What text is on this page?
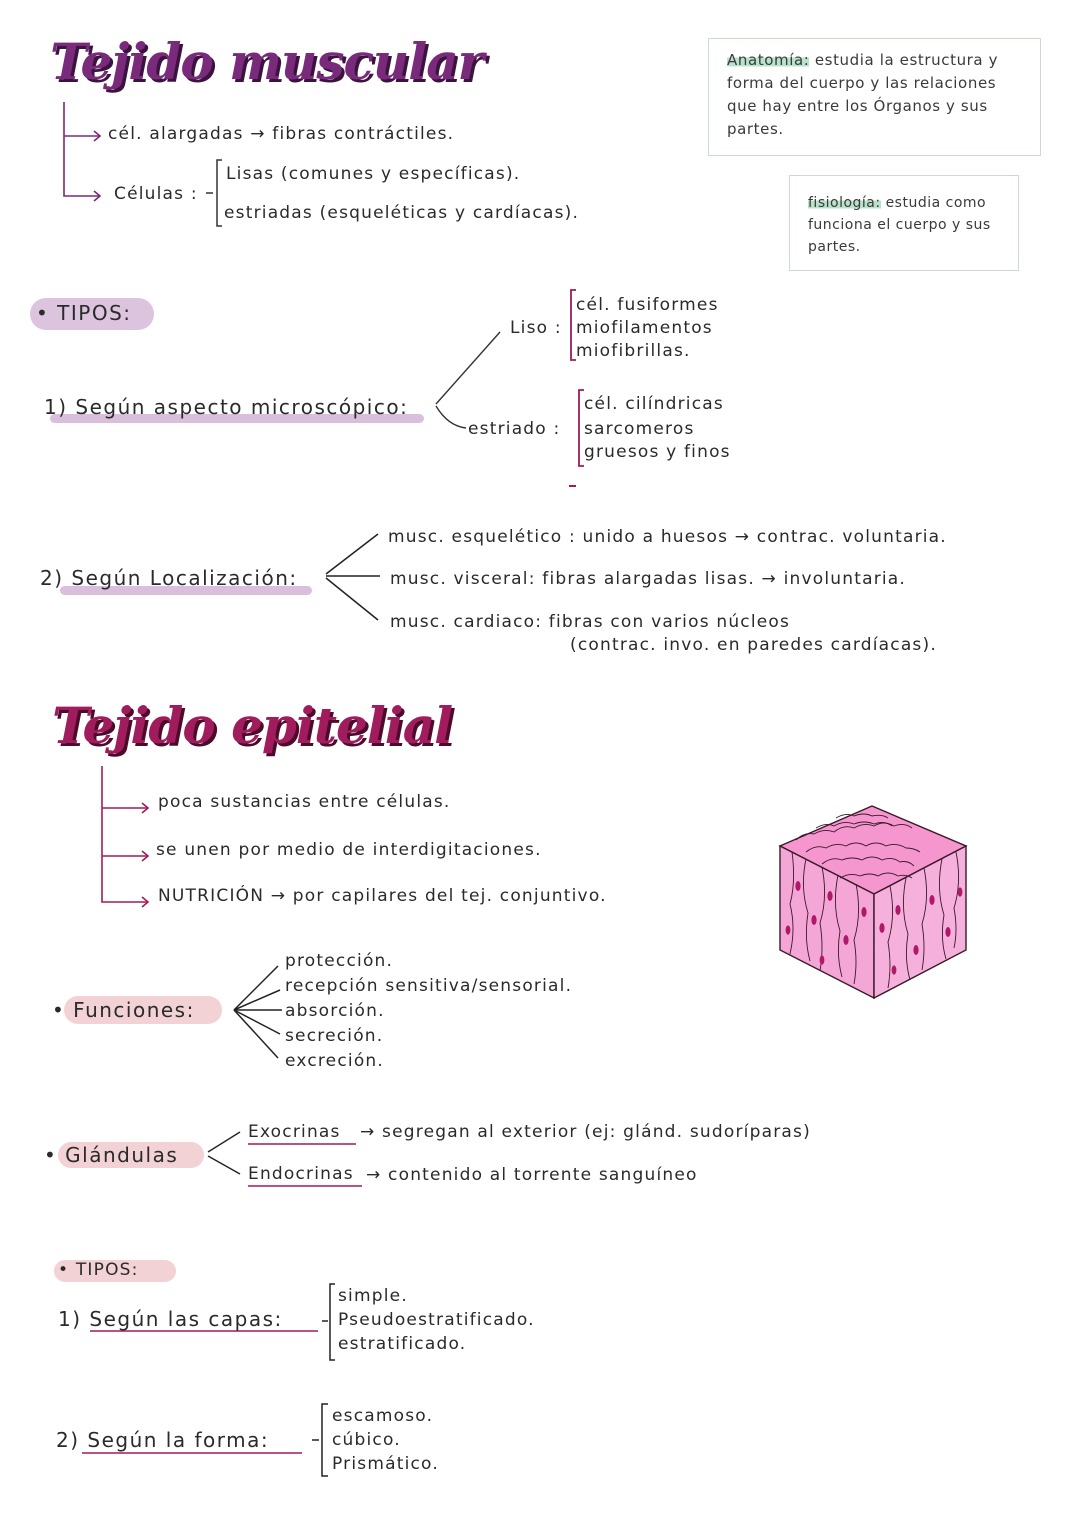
Tejido muscular
Tejido epitelial
Anatomía: estudia la estructura y forma del cuerpo y las relaciones que hay entre los Órganos y sus partes.
fisiología: estudia como funciona el cuerpo y sus partes.
cél. alargadas → fibras contráctiles.
Células :
Lisas (comunes y específicas).
estriadas (esqueléticas y cardíacas).
• TIPOS:
1) Según aspecto microscópico:
Liso :
cél. fusiformes
miofilamentos
miofibrillas.
estriado :
cél. cilíndricas
sarcomeros
gruesos y finos
2) Según Localización:
musc. esquelético : unido a huesos → contrac. voluntaria.
musc. visceral: fibras alargadas lisas. → involuntaria.
musc. cardiaco: fibras con varios núcleos
(contrac. invo. en paredes cardíacas).
poca sustancias entre células.
se unen por medio de interdigitaciones.
NUTRICIÓN → por capilares del tej. conjuntivo.
• Funciones:
protección.
recepción sensitiva/sensorial.
absorción.
secreción.
excreción.
• Glándulas
Exocrinas → segregan al exterior (ej: glánd. sudoríparas)
Endocrinas → contenido al torrente sanguíneo
• TIPOS:
1) Según las capas:
simple.
Pseudoestratificado.
estratificado.
2) Según la forma:
escamoso.
cúbico.
Prismático.
